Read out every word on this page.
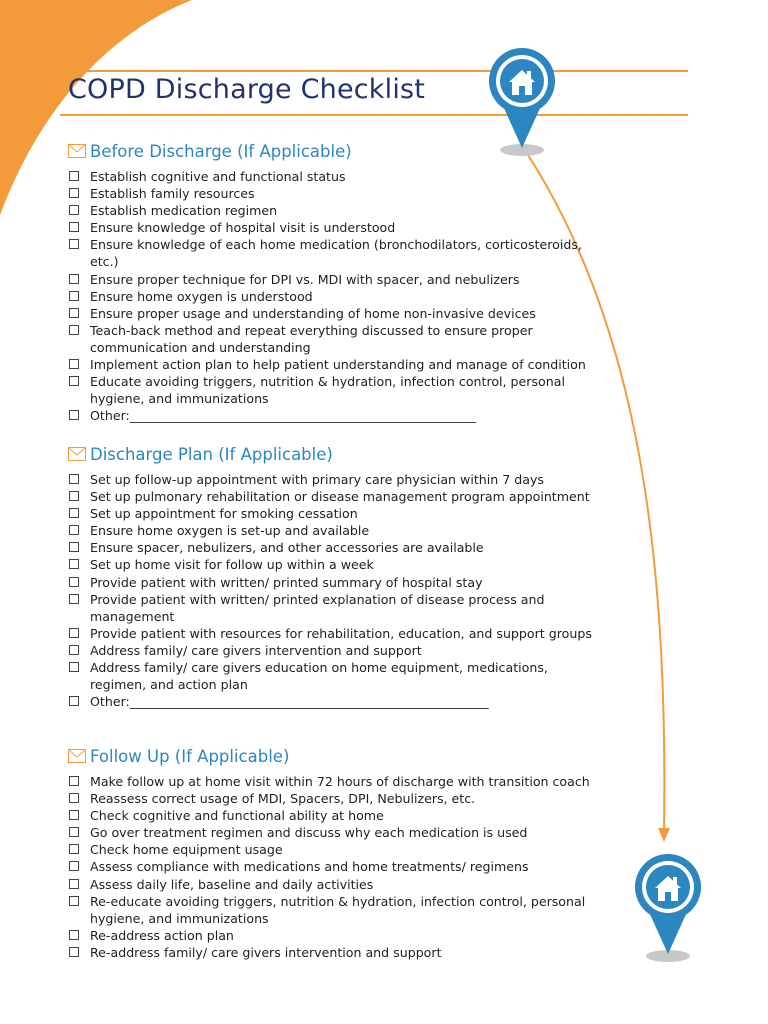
COPD Discharge Checklist
Before Discharge (If Applicable)
Establish cognitive and functional status
Establish family resources
Establish medication regimen
Ensure knowledge of hospital visit is understood
Ensure knowledge of each home medication (bronchodilators, corticosteroids, etc.)
Ensure proper technique for DPI vs. MDI with spacer, and nebulizers
Ensure home oxygen is understood
Ensure proper usage and understanding of home non-invasive devices
Teach-back method and repeat everything discussed to ensure proper communication and understanding
Implement action plan to help patient understanding and manage of condition
Educate avoiding triggers, nutrition & hydration, infection control, personal hygiene, and immunizations
Other:_______________________________________________________
Discharge Plan (If Applicable)
Set up follow-up appointment with primary care physician within 7 days
Set up pulmonary rehabilitation or disease management program appointment
Set up appointment for smoking cessation
Ensure home oxygen is set-up and available
Ensure spacer, nebulizers, and other accessories are available
Set up home visit for follow up within a week
Provide patient with written/ printed summary of hospital stay
Provide patient with written/ printed explanation of disease process and management
Provide patient with resources for rehabilitation, education, and support groups
Address family/ care givers intervention and support
Address family/ care givers education on home equipment, medications, regimen, and action plan
Other:_________________________________________________________
Follow Up (If Applicable)
Make follow up at home visit within 72 hours of discharge with transition coach
Reassess correct usage of MDI, Spacers, DPI, Nebulizers, etc.
Check cognitive and functional ability at home
Go over treatment regimen and discuss why each medication is used
Check home equipment usage
Assess compliance with medications and home treatments/ regimens
Assess daily life, baseline and daily activities
Re-educate avoiding triggers, nutrition & hydration, infection control, personal hygiene, and immunizations
Re-address action plan
Re-address family/ care givers intervention and support
